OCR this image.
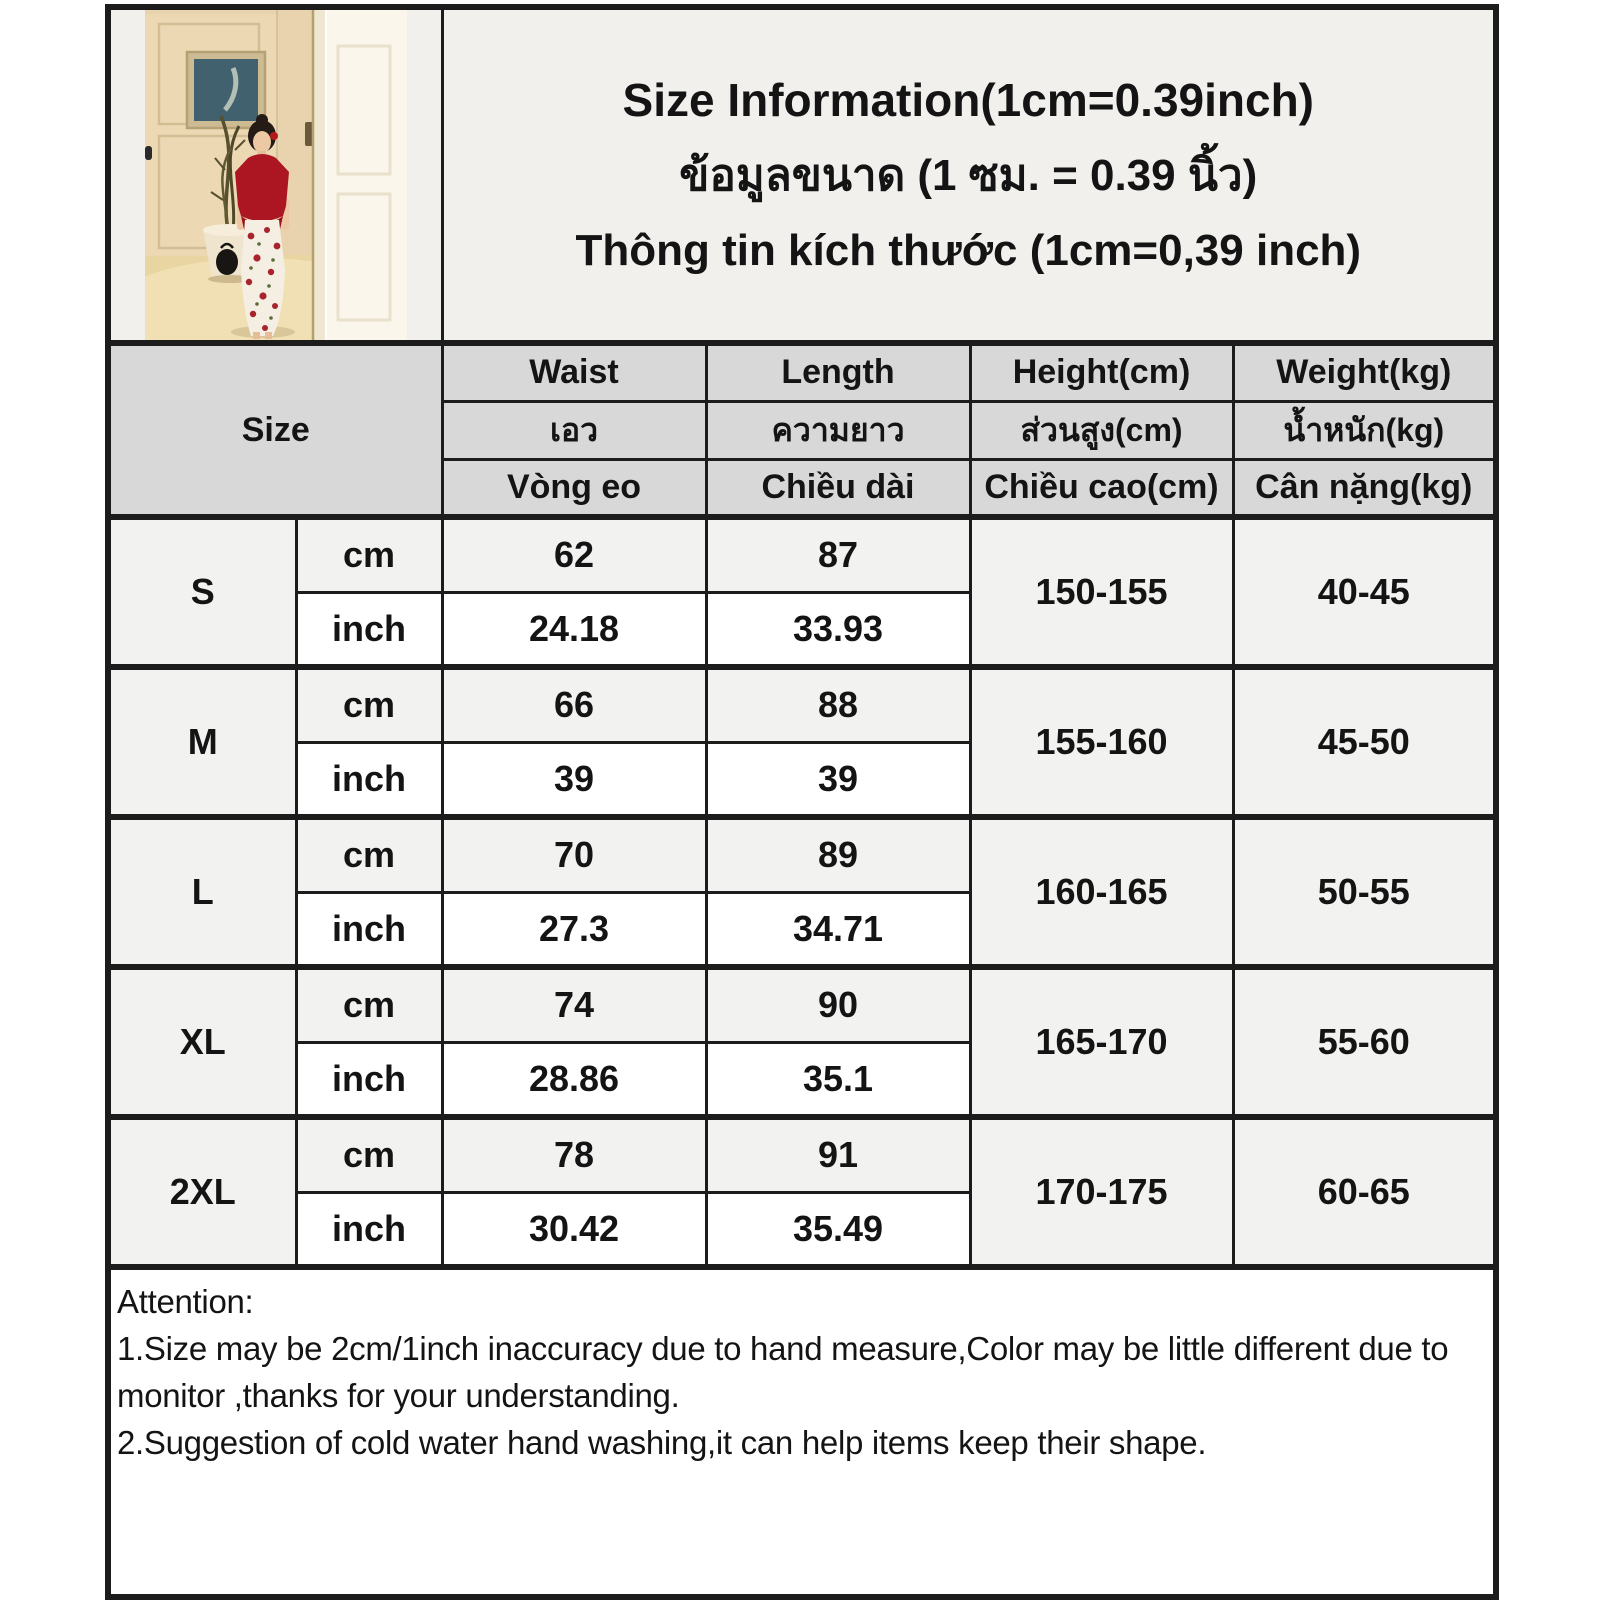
Size Information(1cm=0.39inch)
ข้อมูลขนาด (1 ซม. = 0.39 นิ้ว)
Thông tin kích thước (1cm=0,39 inch)			

Size		Waist	Length	Height(cm)	Weight(kg)
		เอว	ความยาว	ส่วนสูง(cm)	น้ำหนัก(kg)
		Vòng eo	Chiều dài	Chiều cao(cm)	Cân nặng(kg)
S	cm	62	87	150-155	40-45
	inch	24.18	33.93		
M	cm	66	88	155-160	45-50
	inch	39	39		
L	cm	70	89	160-165	50-55
	inch	27.3	34.71		
XL	cm	74	90	165-170	55-60
	inch	28.86	35.1		
2XL	cm	78	91	170-175	60-65
	inch	30.42	35.49		

Attention:
1.Size may be 2cm/1inch inaccuracy due to hand measure,Color may be little different due to monitor ,thanks for your understanding.
2.Suggestion of cold water hand washing,it can help items keep their shape.					
